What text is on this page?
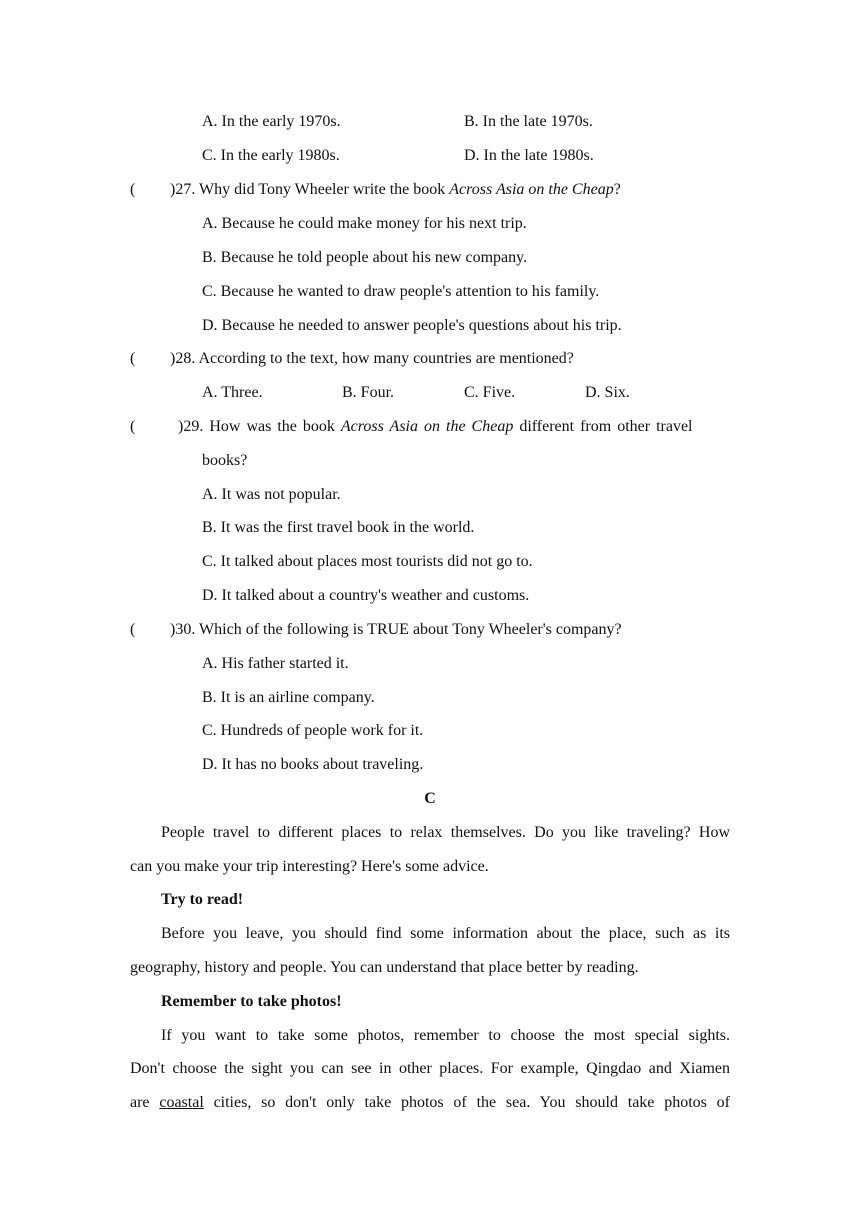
A. In the early 1970s.	B. In the late 1970s.
C. In the early 1980s.	D. In the late 1980s.
( )27. Why did Tony Wheeler write the book Across Asia on the Cheap?
A. Because he could make money for his next trip.
B. Because he told people about his new company.
C. Because he wanted to draw people's attention to his family.
D. Because he needed to answer people's questions about his trip.
( )28. According to the text, how many countries are mentioned?
A. Three.	B. Four.	C. Five.	D. Six.
(	)29. How was the book Across Asia on the Cheap different from other travel
books?
A. It was not popular.
B. It was the first travel book in the world.
C. It talked about places most tourists did not go to.
D. It talked about a country's weather and customs.
( )30. Which of the following is TRUE about Tony Wheeler's company?
A. His father started it.
B. It is an airline company.
C. Hundreds of people work for it.
D. It has no books about traveling.
C
People travel to different places to relax themselves. Do you like traveling? How
can you make your trip interesting? Here's some advice.
Try to read!
Before you leave, you should find some information about the place, such as its
geography, history and people. You can understand that place better by reading.
Remember to take photos!
If you want to take some photos, remember to choose the most special sights.
Don't choose the sight you can see in other places. For example, Qingdao and Xiamen
are coastal cities, so don't only take photos of the sea. You should take photos of
